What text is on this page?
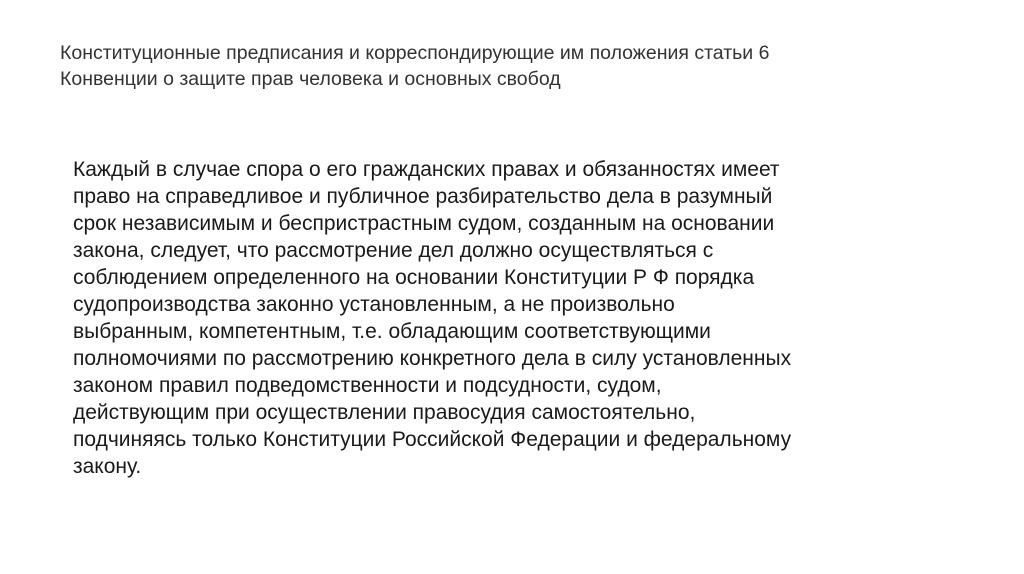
Конституционные предписания и корреспондирующие им положения статьи 6
Конвенции о защите прав человека и основных свобод
Каждый в случае спора о его гражданских правах и обязанностях имеет
право на справедливое и публичное разбирательство дела в разумный
срок независимым и беспристрастным судом, созданным на основании
закона, следует, что рассмотрение дел должно осуществляться с
соблюдением определенного на основании Конституции Р Ф порядка
судопроизводства законно установленным, а не произвольно
выбранным, компетентным, т.е. обладающим соответствующими
полномочиями по рассмотрению конкретного дела в силу установленных
законом правил подведомственности и подсудности, судом,
действующим при осуществлении правосудия самостоятельно,
подчиняясь только Конституции Российской Федерации и федеральному
закону.
